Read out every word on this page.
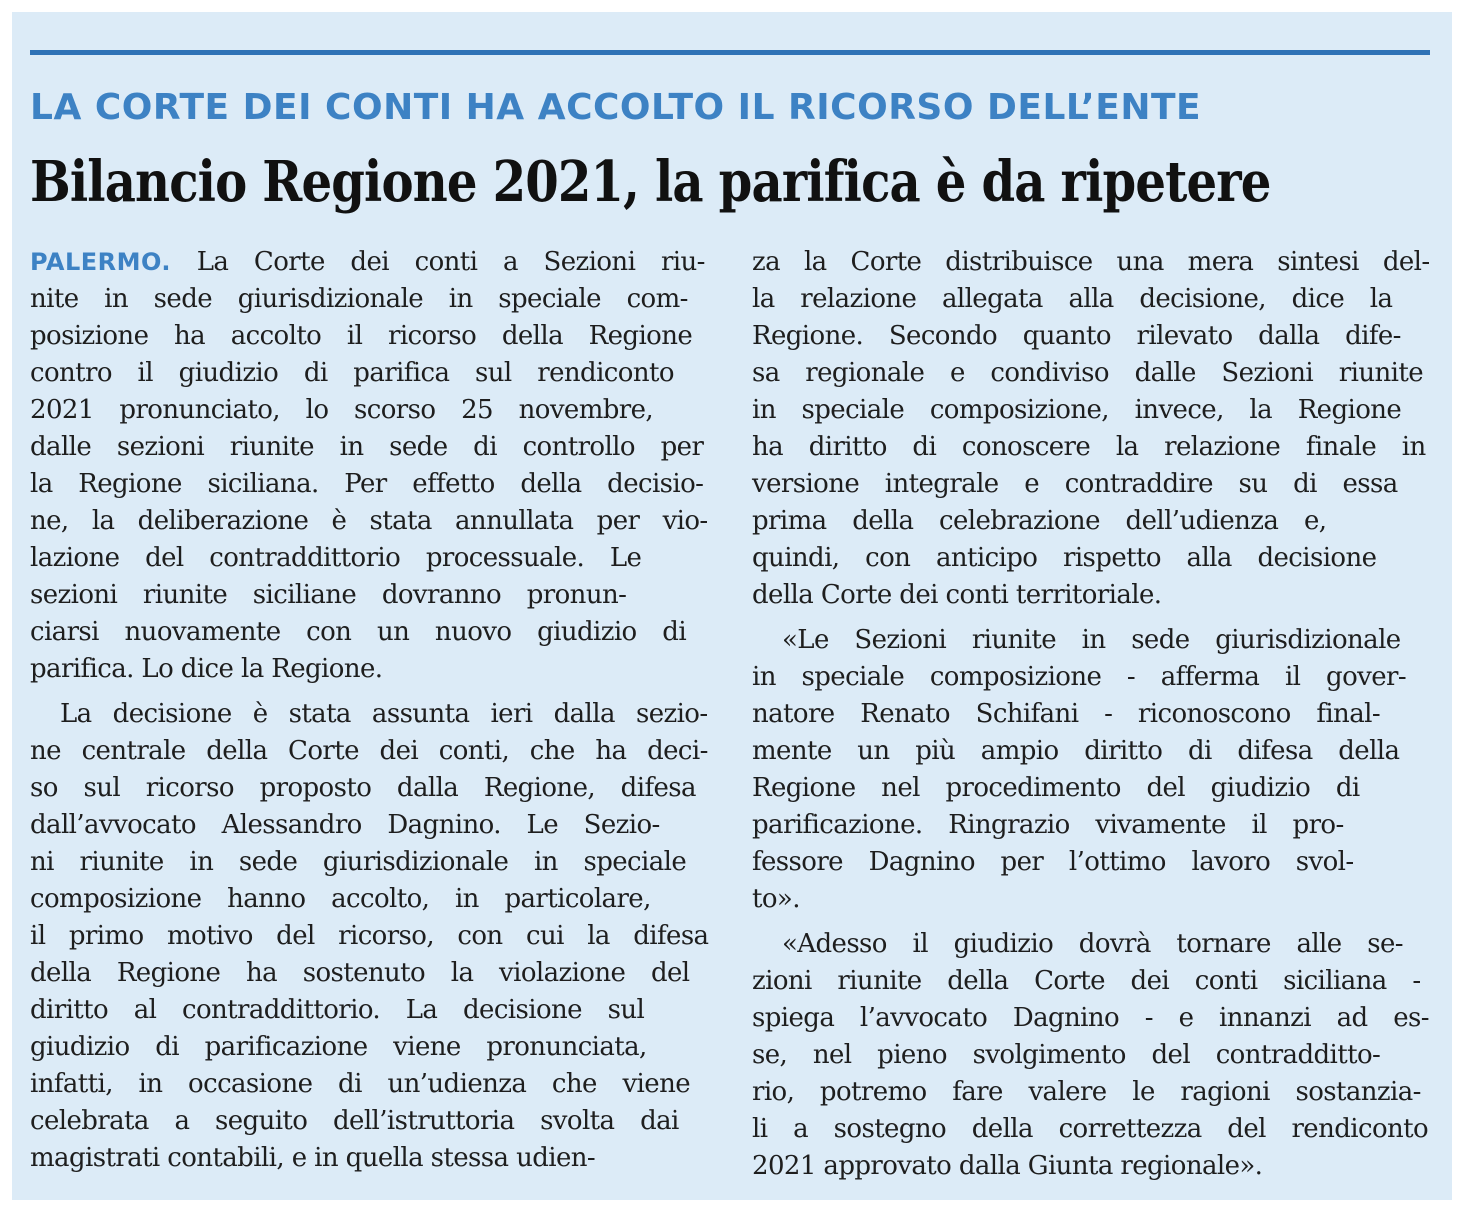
LA CORTE DEI CONTI HA ACCOLTO IL RICORSO DELL’ENTE
Bilancio Regione 2021, la parifica è da ripetere
PALERMO. La Corte dei conti a Sezioni riu-
nite in sede giurisdizionale in speciale com-
posizione ha accolto il ricorso della Regione
contro il giudizio di parifica sul rendiconto
2021 pronunciato, lo scorso 25 novembre,
dalle sezioni riunite in sede di controllo per
la Regione siciliana. Per effetto della decisio-
ne, la deliberazione è stata annullata per vio-
lazione del contraddittorio processuale. Le
sezioni riunite siciliane dovranno pronun-
ciarsi nuovamente con un nuovo giudizio di
parifica. Lo dice la Regione.
La decisione è stata assunta ieri dalla sezio-
ne centrale della Corte dei conti, che ha deci-
so sul ricorso proposto dalla Regione, difesa
dall’avvocato Alessandro Dagnino. Le Sezio-
ni riunite in sede giurisdizionale in speciale
composizione hanno accolto, in particolare,
il primo motivo del ricorso, con cui la difesa
della Regione ha sostenuto la violazione del
diritto al contraddittorio. La decisione sul
giudizio di parificazione viene pronunciata,
infatti, in occasione di un’udienza che viene
celebrata a seguito dell’istruttoria svolta dai
magistrati contabili, e in quella stessa udien-
za la Corte distribuisce una mera sintesi del-
la relazione allegata alla decisione, dice la
Regione. Secondo quanto rilevato dalla dife-
sa regionale e condiviso dalle Sezioni riunite
in speciale composizione, invece, la Regione
ha diritto di conoscere la relazione finale in
versione integrale e contraddire su di essa
prima della celebrazione dell’udienza e,
quindi, con anticipo rispetto alla decisione
della Corte dei conti territoriale.
«Le Sezioni riunite in sede giurisdizionale
in speciale composizione - afferma il gover-
natore Renato Schifani - riconoscono final-
mente un più ampio diritto di difesa della
Regione nel procedimento del giudizio di
parificazione. Ringrazio vivamente il pro-
fessore Dagnino per l’ottimo lavoro svol-
to».
«Adesso il giudizio dovrà tornare alle se-
zioni riunite della Corte dei conti siciliana -
spiega l’avvocato Dagnino - e innanzi ad es-
se, nel pieno svolgimento del contradditto-
rio, potremo fare valere le ragioni sostanzia-
li a sostegno della correttezza del rendiconto
2021 approvato dalla Giunta regionale».
